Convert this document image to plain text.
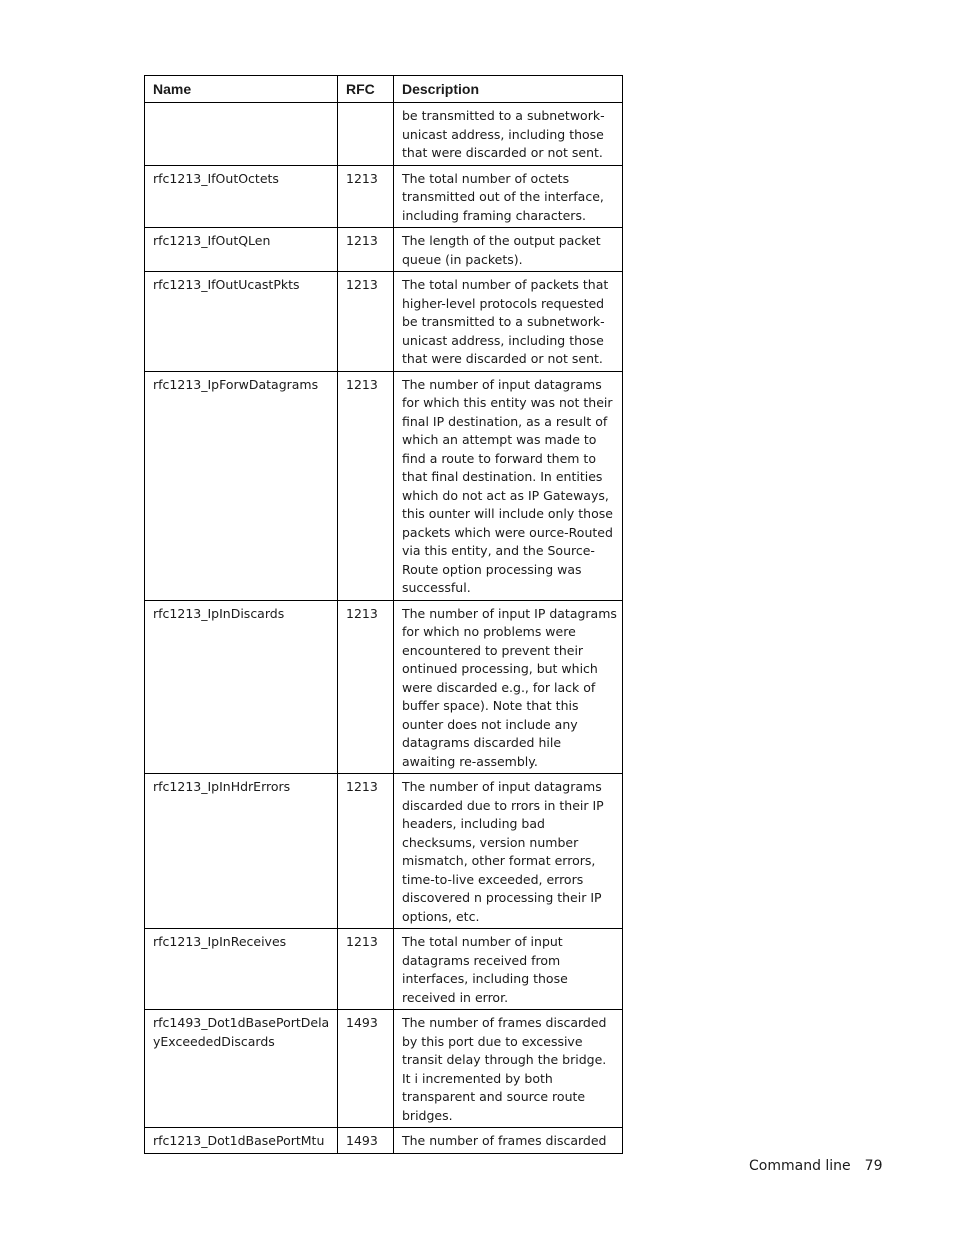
Name	RFC	Description
		be transmitted to a subnetwork-unicast address, including those that were discarded or not sent.
rfc1213_IfOutOctets	1213	The total number of octets transmitted out of the interface, including framing characters.
rfc1213_IfOutQLen	1213	The length of the output packet queue (in packets).
rfc1213_IfOutUcastPkts	1213	The total number of packets that higher-level protocols requested be transmitted to a subnetwork-unicast address, including those that were discarded or not sent.
rfc1213_IpForwDatagrams	1213	The number of input datagrams for which this entity was not their final IP destination, as a result of which an attempt was made to find a route to forward them to that final destination. In entities which do not act as IP Gateways, this ounter will include only those packets which were ource-Routed via this entity, and the Source-Route option processing was successful.
rfc1213_IpInDiscards	1213	The number of input IP datagrams for which no problems were encountered to prevent their ontinued processing, but which were discarded e.g., for lack of buffer space). Note that this ounter does not include any datagrams discarded hile awaiting re-assembly.
rfc1213_IpInHdrErrors	1213	The number of input datagrams discarded due to rrors in their IP headers, including bad checksums, version number mismatch, other format errors, time-to-live exceeded, errors discovered n processing their IP options, etc.
rfc1213_IpInReceives	1213	The total number of input datagrams received from interfaces, including those received in error.
rfc1493_Dot1dBasePortDelayExceededDiscards	1493	The number of frames discarded by this port due to excessive transit delay through the bridge. It i incremented by both transparent and source route bridges.
rfc1213_Dot1dBasePortMtu	1493	The number of frames discarded
Command line 79
